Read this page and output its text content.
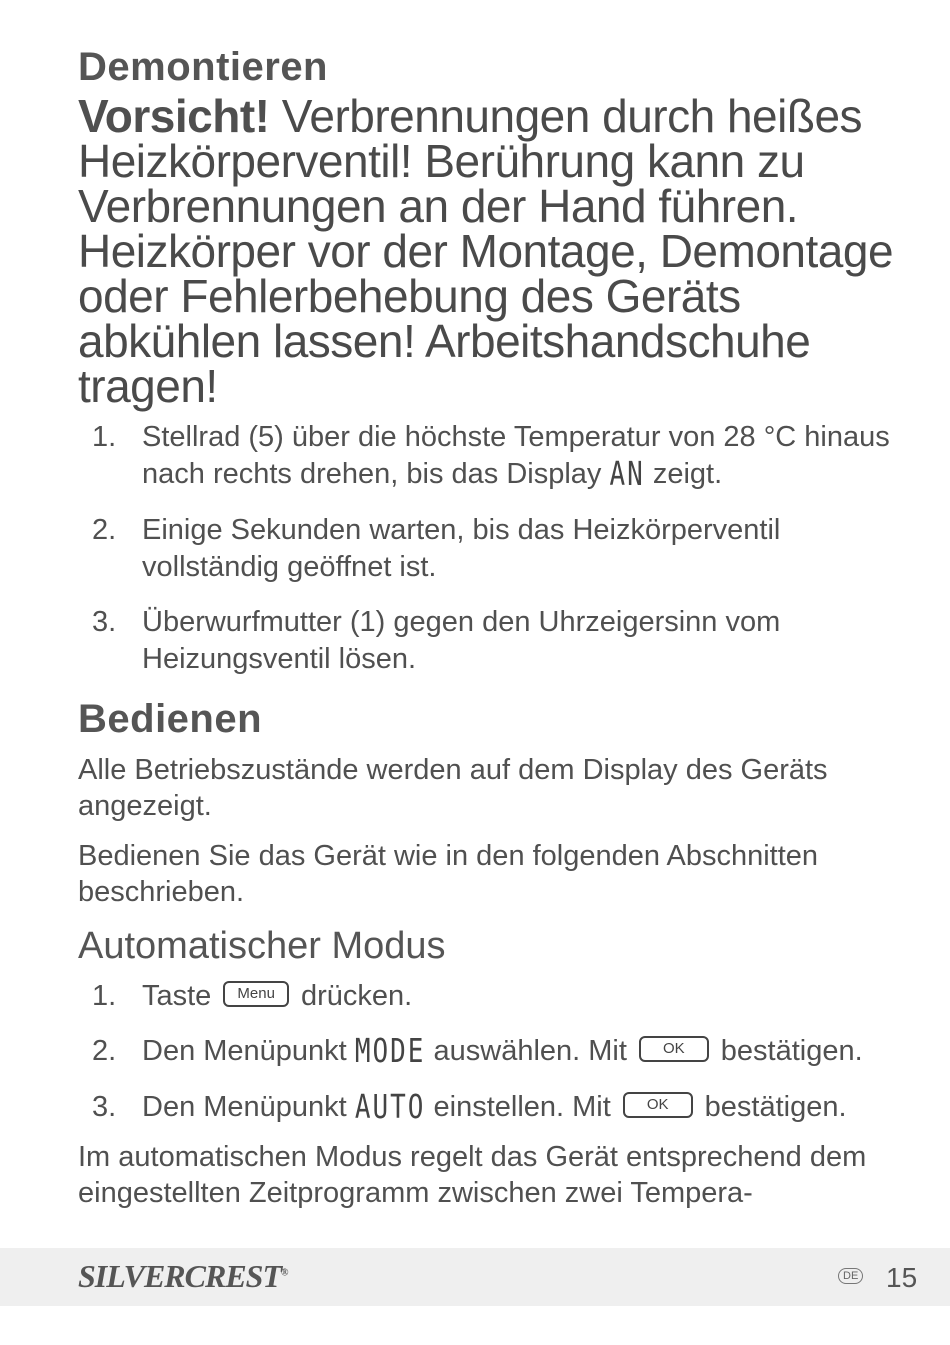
Demontieren

Vorsicht! Verbrennungen durch heißes Heizkörperventil! Berührung kann zu Verbrennungen an der Hand führen. Heizkörper vor der Montage, Demontage oder Fehlerbehebung des Geräts abkühlen lassen! Arbeitshandschuhe tragen!

1. Stellrad (5) über die höchste Temperatur von 28 °C hinaus nach rechts drehen, bis das Display AN zeigt.
2. Einige Sekunden warten, bis das Heizkörperventil vollständig geöffnet ist.
3. Überwurfmutter (1) gegen den Uhrzeigersinn vom Heizungsventil lösen.
Bedienen

Alle Betriebszustände werden auf dem Display des Geräts angezeigt.

Bedienen Sie das Gerät wie in den folgenden Abschnitten beschrieben.

Automatischer Modus
1. Taste Menu drücken.
2. Den Menüpunkt MODE auswählen. Mit OK bestätigen.
3. Den Menüpunkt AUTO einstellen. Mit OK bestätigen.

Im automatischen Modus regelt das Gerät entsprechend dem eingestellten Zeitprogramm zwischen zwei Tempera-

SILVERCREST®	DE 15
